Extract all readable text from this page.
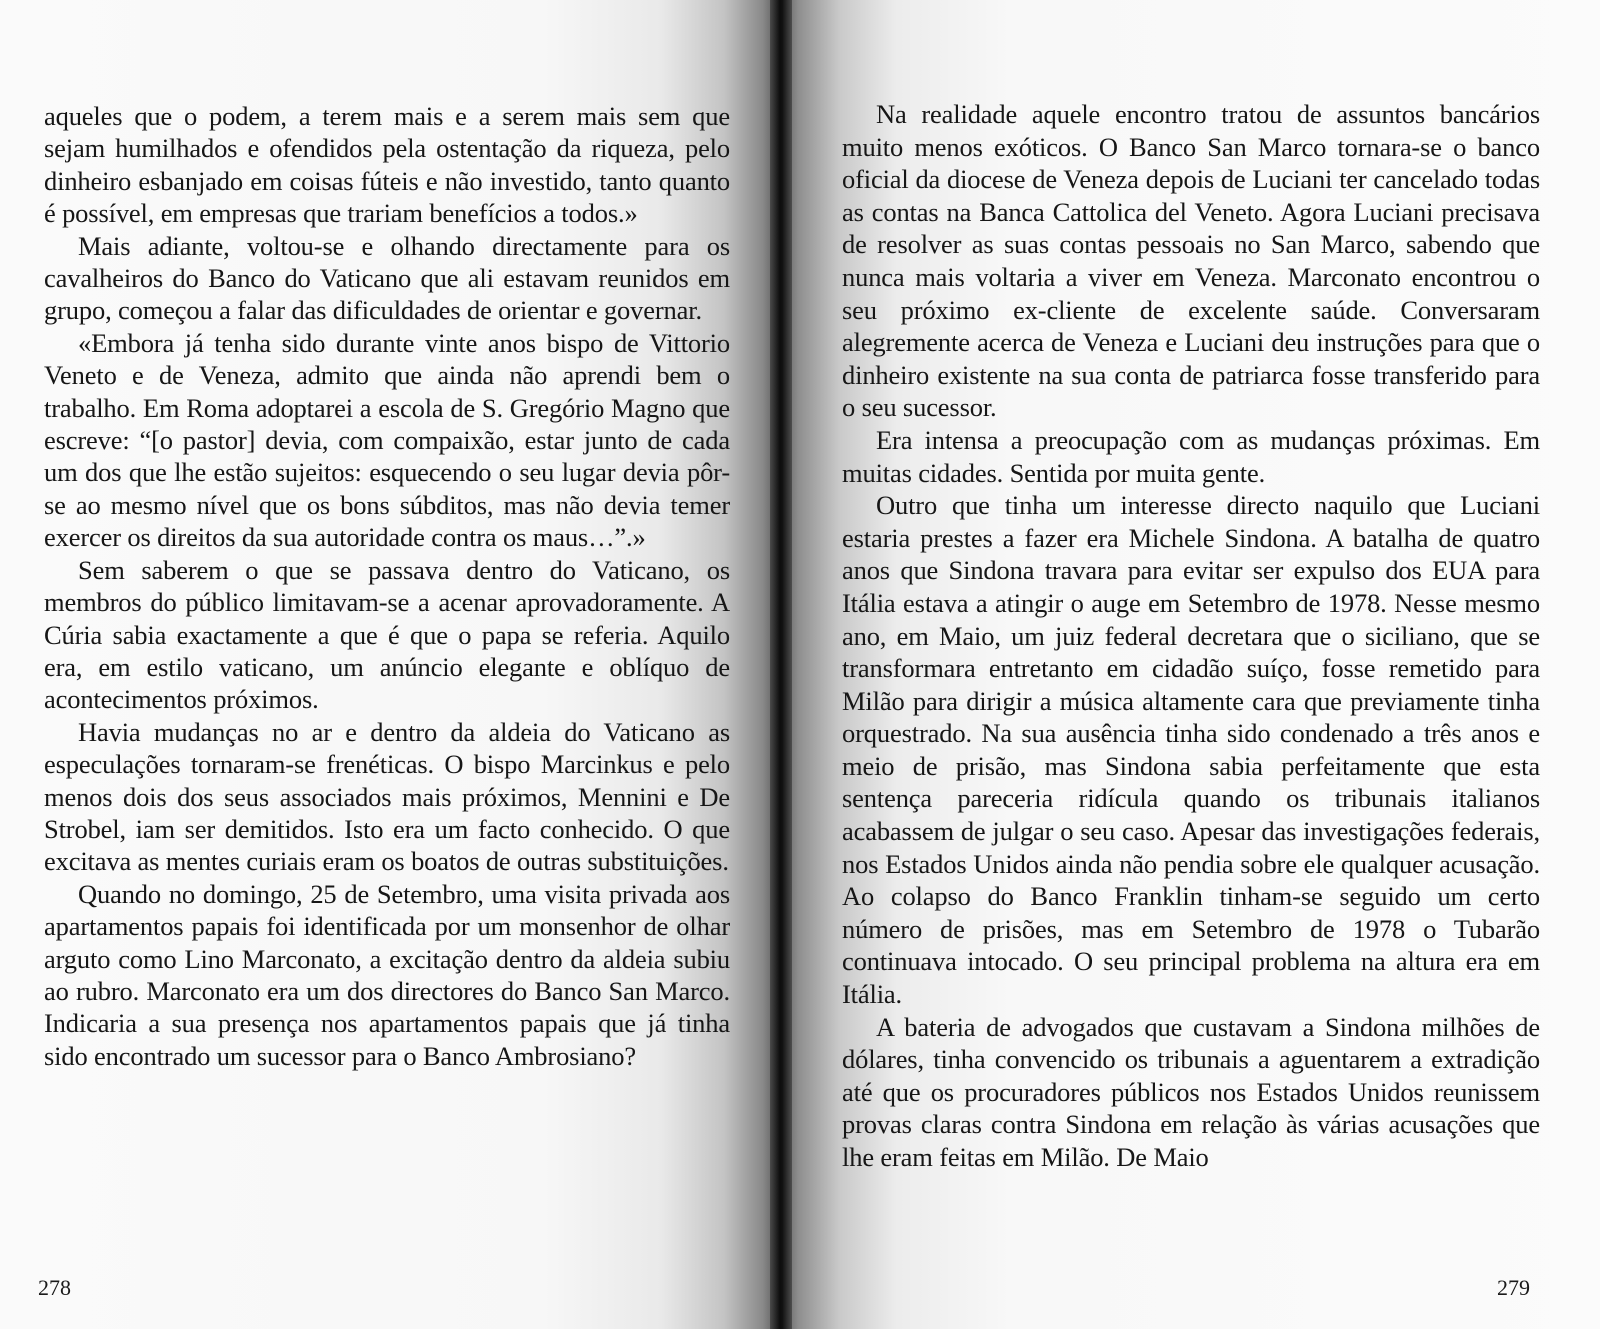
aqueles que o podem, a terem mais e a serem mais sem que sejam humilhados e ofendidos pela ostentação da riqueza, pelo dinheiro esbanjado em coisas fúteis e não investido, tanto quanto é possível, em empresas que trariam benefícios a todos.»

Mais adiante, voltou-se e olhando directamente para os cavalheiros do Banco do Vaticano que ali estavam reunidos em grupo, começou a falar das dificuldades de orientar e governar.

«Embora já tenha sido durante vinte anos bispo de Vittorio Veneto e de Veneza, admito que ainda não aprendi bem o trabalho. Em Roma adoptarei a escola de S. Gregório Magno que escreve: “[o pastor] devia, com compaixão, estar junto de cada um dos que lhe estão sujeitos: esquecendo o seu lugar devia pôr-se ao mesmo nível que os bons súbditos, mas não devia temer exercer os direitos da sua autoridade contra os maus…”.»

Sem saberem o que se passava dentro do Vaticano, os membros do público limitavam-se a acenar aprovadoramente. A Cúria sabia exactamente a que é que o papa se referia. Aquilo era, em estilo vaticano, um anúncio elegante e oblíquo de acontecimentos próximos.

Havia mudanças no ar e dentro da aldeia do Vaticano as especulações tornaram-se frenéticas. O bispo Marcinkus e pelo menos dois dos seus associados mais próximos, Mennini e De Strobel, iam ser demitidos. Isto era um facto conhecido. O que excitava as mentes curiais eram os boatos de outras substituições.

Quando no domingo, 25 de Setembro, uma visita privada aos apartamentos papais foi identificada por um monsenhor de olhar arguto como Lino Marconato, a excitação dentro da aldeia subiu ao rubro. Marconato era um dos directores do Banco San Marco. Indicaria a sua presença nos apartamentos papais que já tinha sido encontrado um sucessor para o Banco Ambrosiano?

278

Na realidade aquele encontro tratou de assuntos bancários muito menos exóticos. O Banco San Marco tornara-se o banco oficial da diocese de Veneza depois de Luciani ter cancelado todas as contas na Banca Cattolica del Veneto. Agora Luciani precisava de resolver as suas contas pessoais no San Marco, sabendo que nunca mais voltaria a viver em Veneza. Marconato encontrou o seu próximo ex-cliente de excelente saúde. Conversaram alegremente acerca de Veneza e Luciani deu instruções para que o dinheiro existente na sua conta de patriarca fosse transferido para o seu sucessor.

Era intensa a preocupação com as mudanças próximas. Em muitas cidades. Sentida por muita gente.

Outro que tinha um interesse directo naquilo que Luciani estaria prestes a fazer era Michele Sindona. A batalha de quatro anos que Sindona travara para evitar ser expulso dos EUA para Itália estava a atingir o auge em Setembro de 1978. Nesse mesmo ano, em Maio, um juiz federal decretara que o siciliano, que se transformara entretanto em cidadão suíço, fosse remetido para Milão para dirigir a música altamente cara que previamente tinha orquestrado. Na sua ausência tinha sido condenado a três anos e meio de prisão, mas Sindona sabia perfeitamente que esta sentença pareceria ridícula quando os tribunais italianos acabassem de julgar o seu caso. Apesar das investigações federais, nos Estados Unidos ainda não pendia sobre ele qualquer acusação. Ao colapso do Banco Franklin tinham-se seguido um certo número de prisões, mas em Setembro de 1978 o Tubarão continuava intocado. O seu principal problema na altura era em Itália.

A bateria de advogados que custavam a Sindona milhões de dólares, tinha convencido os tribunais a aguentarem a extradição até que os procuradores públicos nos Estados Unidos reunissem provas claras contra Sindona em relação às várias acusações que lhe eram feitas em Milão. De Maio

279
